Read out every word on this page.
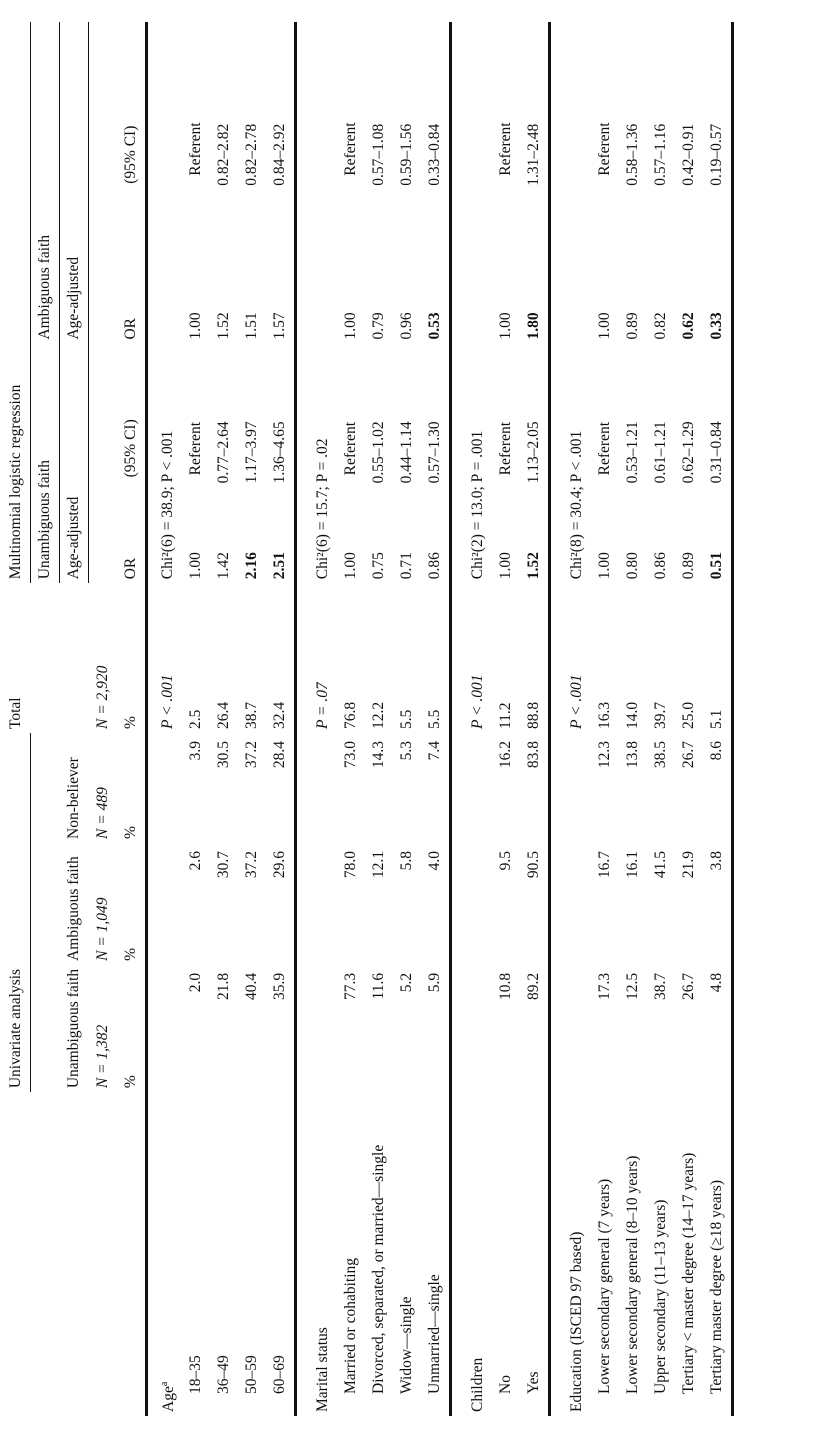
	Univariate analysis			Total	Multinomial logistic regression			
					Unambiguous faith		Ambiguous faith	
	Unambiguous faith	Ambiguous faith	Non-believer		Age-adjusted		Age-adjusted	
	N = 1,382	N = 1,049	N = 489	N = 2,920				
	%	%	%	%	OR	(95% CI)	OR	(95% CI)
Age$^a$				P < .001	Chi²(6) = 38.9; P < .001			
18–35	2.0	2.6	3.9	2.5	1.00	Referent	1.00	Referent
36–49	21.8	30.7	30.5	26.4	1.42	0.77–2.64	1.52	0.82–2.82
50–59	40.4	37.2	37.2	38.7	2.16	1.17–3.97	1.51	0.82–2.78
60–69	35.9	29.6	28.4	32.4	2.51	1.36–4.65	1.57	0.84–2.92
Marital status				P = .07	Chi²(6) = 15.7; P = .02			
Married or cohabiting	77.3	78.0	73.0	76.8	1.00	Referent	1.00	Referent
Divorced, separated, or married—single	11.6	12.1	14.3	12.2	0.75	0.55–1.02	0.79	0.57–1.08
Widow—single	5.2	5.8	5.3	5.5	0.71	0.44–1.14	0.96	0.59–1.56
Unmarried—single	5.9	4.0	7.4	5.5	0.86	0.57–1.30	0.53	0.33–0.84
Children				P < .001	Chi²(2) = 13.0; P = .001			
No	10.8	9.5	16.2	11.2	1.00	Referent	1.00	Referent
Yes	89.2	90.5	83.8	88.8	1.52	1.13–2.05	1.80	1.31–2.48
Education (ISCED 97 based)				P < .001	Chi²(8) = 30.4; P < .001			
Lower secondary general (7 years)	17.3	16.7	12.3	16.3	1.00	Referent	1.00	Referent
Lower secondary general (8–10 years)	12.5	16.1	13.8	14.0	0.80	0.53–1.21	0.89	0.58–1.36
Upper secondary (11–13 years)	38.7	41.5	38.5	39.7	0.86	0.61–1.21	0.82	0.57–1.16
Tertiary < master degree (14–17 years)	26.7	21.9	26.7	25.0	0.89	0.62–1.29	0.62	0.42–0.91
Tertiary master degree (≥18 years)	4.8	3.8	8.6	5.1	0.51	0.31–0.84	0.33	0.19–0.57
